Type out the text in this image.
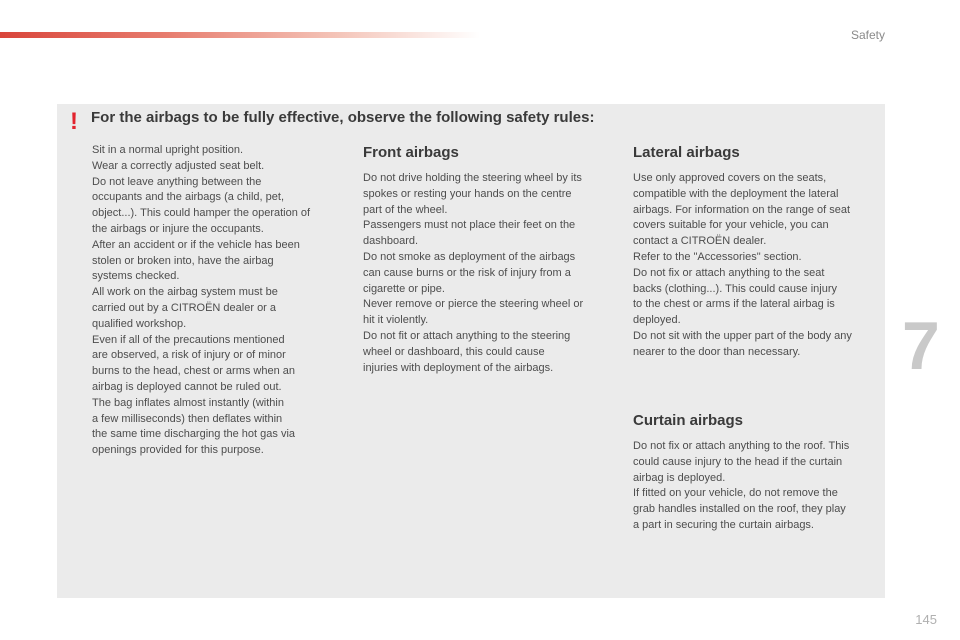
Safety
! For the airbags to be fully effective, observe the following safety rules:

Sit in a normal upright position.

Wear a correctly adjusted seat belt.

Do not leave anything between the

occupants and the airbags (a child, pet,

object...). This could hamper the operation of

the airbags or injure the occupants.

After an accident or if the vehicle has been

stolen or broken into, have the airbag

systems checked.

All work on the airbag system must be

carried out by a CITROËN dealer or a

qualified workshop.

Even if all of the precautions mentioned

are observed, a risk of injury or of minor

burns to the head, chest or arms when an

airbag is deployed cannot be ruled out.

The bag inflates almost instantly (within

a few milliseconds) then deflates within

the same time discharging the hot gas via

openings provided for this purpose.

Front airbags

Do not drive holding the steering wheel by its

spokes or resting your hands on the centre

part of the wheel.

Passengers must not place their feet on the

dashboard.

Do not smoke as deployment of the airbags

can cause burns or the risk of injury from a

cigarette or pipe.

Never remove or pierce the steering wheel or

hit it violently.

Do not fit or attach anything to the steering

wheel or dashboard, this could cause

injuries with deployment of the airbags.

Lateral airbags

Use only approved covers on the seats,

compatible with the deployment the lateral

airbags. For information on the range of seat

covers suitable for your vehicle, you can

contact a CITROËN dealer.

Refer to the "Accessories" section.

Do not fix or attach anything to the seat

backs (clothing...). This could cause injury

to the chest or arms if the lateral airbag is

deployed.

Do not sit with the upper part of the body any

nearer to the door than necessary.

Curtain airbags

Do not fix or attach anything to the roof. This

could cause injury to the head if the curtain

airbag is deployed.

If fitted on your vehicle, do not remove the

grab handles installed on the roof, they play

a part in securing the curtain airbags.

7
145
